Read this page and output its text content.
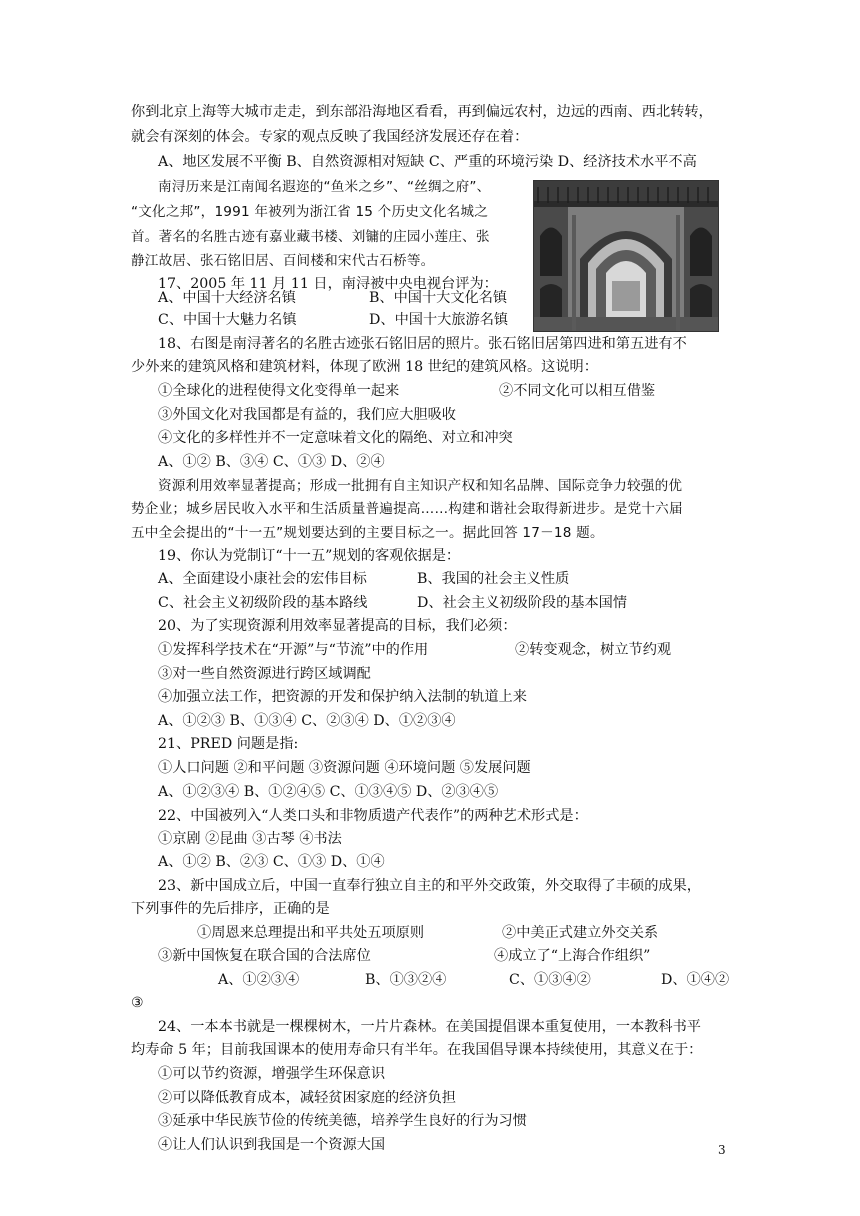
你到北京上海等大城市走走，到东部沿海地区看看，再到偏远农村，边远的西南、西北转转，
就会有深刻的体会。专家的观点反映了我国经济发展还存在着：
A、地区发展不平衡 B、自然资源相对短缺 C、严重的环境污染 D、经济技术水平不高
南浔历来是江南闻名遐迩的“鱼米之乡”、“丝绸之府”、
“文化之邦”，1991 年被列为浙江省 15 个历史文化名城之
首。著名的名胜古迹有嘉业藏书楼、刘镛的庄园小莲庄、张
静江故居、张石铭旧居、百间楼和宋代古石桥等。
17、2005 年 11 月 11 日，南浔被中央电视台评为：
A、中国十大经济名镇	B、中国十大文化名镇
C、中国十大魅力名镇	D、中国十大旅游名镇
18、右图是南浔著名的名胜古迹张石铭旧居的照片。张石铭旧居第四进和第五进有不
少外来的建筑风格和建筑材料，体现了欧洲 18 世纪的建筑风格。这说明：
①全球化的进程使得文化变得单一起来	②不同文化可以相互借鉴
③外国文化对我国都是有益的，我们应大胆吸收
④文化的多样性并不一定意味着文化的隔绝、对立和冲突
A、①② B、③④ C、①③ D、②④
资源利用效率显著提高；形成一批拥有自主知识产权和知名品牌、国际竞争力较强的优
势企业；城乡居民收入水平和生活质量普遍提高……构建和谐社会取得新进步。是党十六届
五中全会提出的“十一五”规划要达到的主要目标之一。据此回答 17－18 题。
19、你认为党制订“十一五”规划的客观依据是：
A、全面建设小康社会的宏伟目标	B、我国的社会主义性质
C、社会主义初级阶段的基本路线	D、社会主义初级阶段的基本国情
20、为了实现资源利用效率显著提高的目标，我们必须：
①发挥科学技术在“开源”与“节流”中的作用	②转变观念，树立节约观
③对一些自然资源进行跨区域调配
④加强立法工作，把资源的开发和保护纳入法制的轨道上来
A、①②③ B、①③④ C、②③④ D、①②③④
21、PRED 问题是指:
①人口问题 ②和平问题 ③资源问题 ④环境问题 ⑤发展问题
A、①②③④ B、①②④⑤ C、①③④⑤ D、②③④⑤
22、中国被列入“人类口头和非物质遗产代表作”的两种艺术形式是：
①京剧 ②昆曲 ③古琴 ④书法
A、①② B、②③ C、①③ D、①④
23、新中国成立后，中国一直奉行独立自主的和平外交政策，外交取得了丰硕的成果，
下列事件的先后排序，正确的是
①周恩来总理提出和平共处五项原则	②中美正式建立外交关系
③新中国恢复在联合国的合法席位	④成立了“上海合作组织”
A、①②③④	B、①③②④	C、①③④②	D、①④②
③
24、一本本书就是一棵棵树木，一片片森林。在美国提倡课本重复使用，一本教科书平
均寿命 5 年；目前我国课本的使用寿命只有半年。在我国倡导课本持续使用，其意义在于：
①可以节约资源，增强学生环保意识
②可以降低教育成本，减轻贫困家庭的经济负担
③延承中华民族节俭的传统美德，培养学生良好的行为习惯
④让人们认识到我国是一个资源大国	3
